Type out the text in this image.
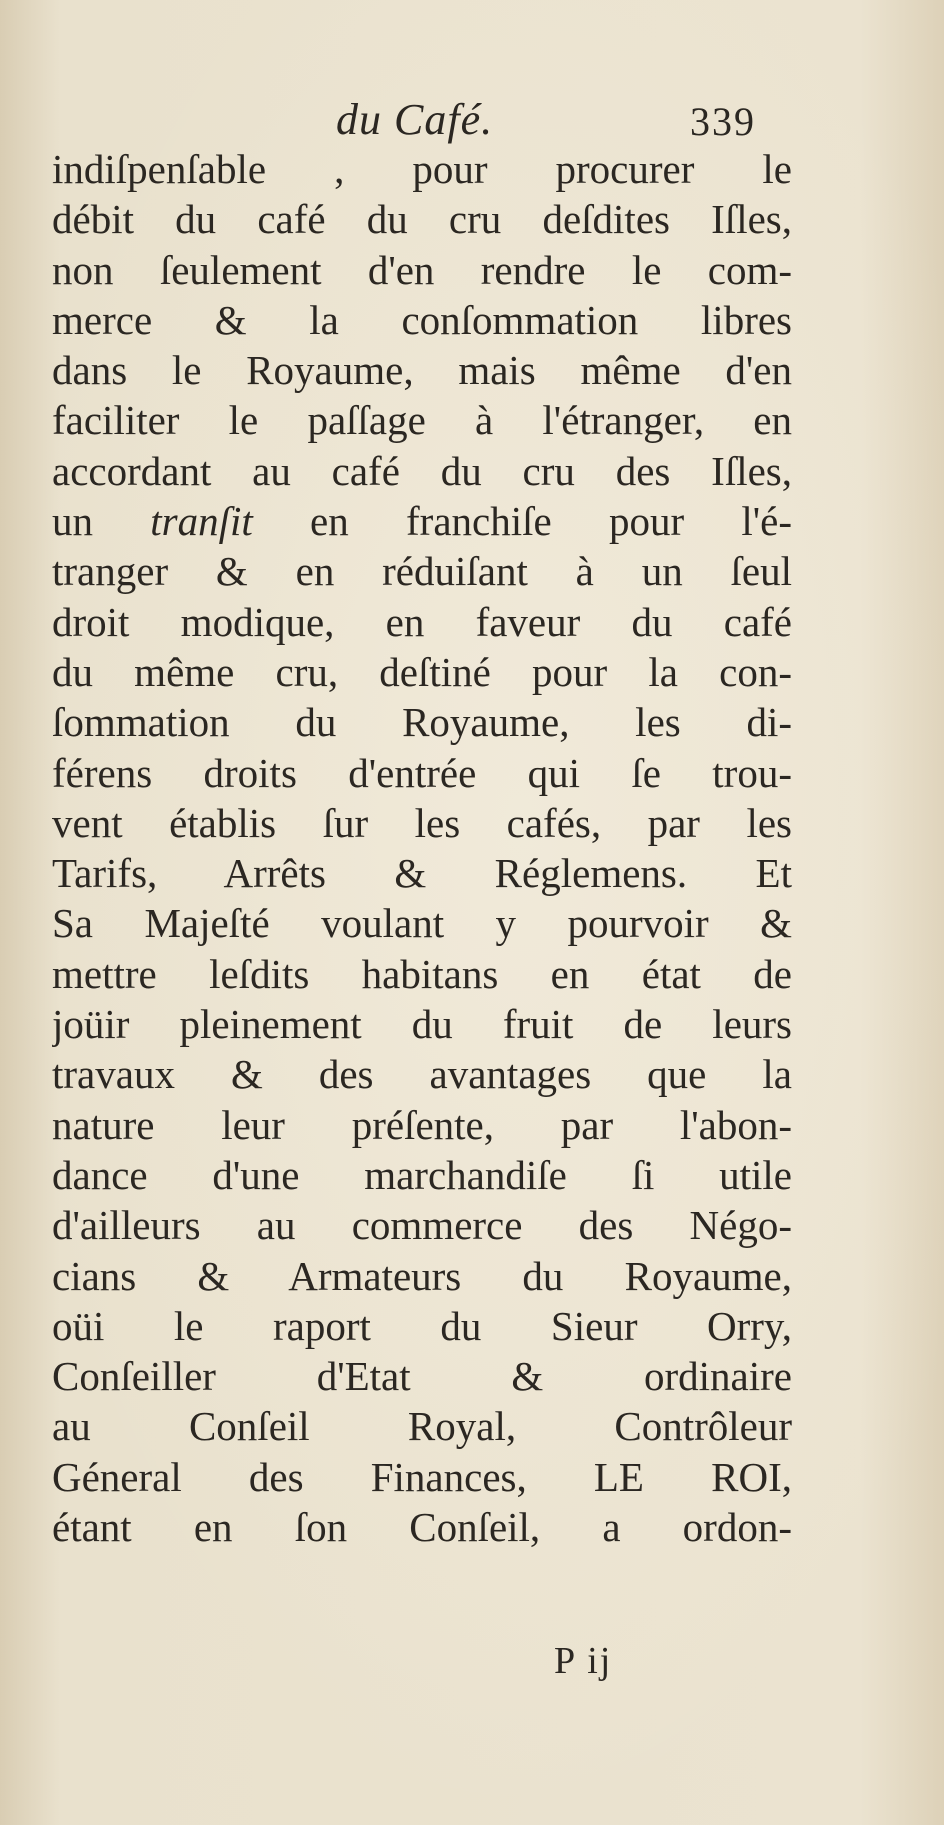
du Café.	339
indiſpenſable , pour procurer le
débit du café du cru deſdites Iſles,
non ſeulement d'en rendre le com-
merce & la conſommation libres
dans le Royaume, mais même d'en
faciliter le paſſage à l'étranger, en
accordant au café du cru des Iſles,
un tranſit en franchiſe pour l'é-
tranger & en réduiſant à un ſeul
droit modique, en faveur du café
du même cru, deſtiné pour la con-
ſommation du Royaume, les di-
férens droits d'entrée qui ſe trou-
vent établis ſur les cafés, par les
Tarifs, Arrêts & Réglemens. Et
Sa Majeſté voulant y pourvoir &
mettre leſdits habitans en état de
joüir pleinement du fruit de leurs
travaux & des avantages que la
nature leur préſente, par l'abon-
dance d'une marchandiſe ſi utile
d'ailleurs au commerce des Négo-
cians & Armateurs du Royaume,
oüi le raport du Sieur Orry,
Conſeiller d'Etat & ordinaire
au Conſeil Royal, Contrôleur
Géneral des Finances, LE ROI,
étant en ſon Conſeil, a ordon-
P ij
